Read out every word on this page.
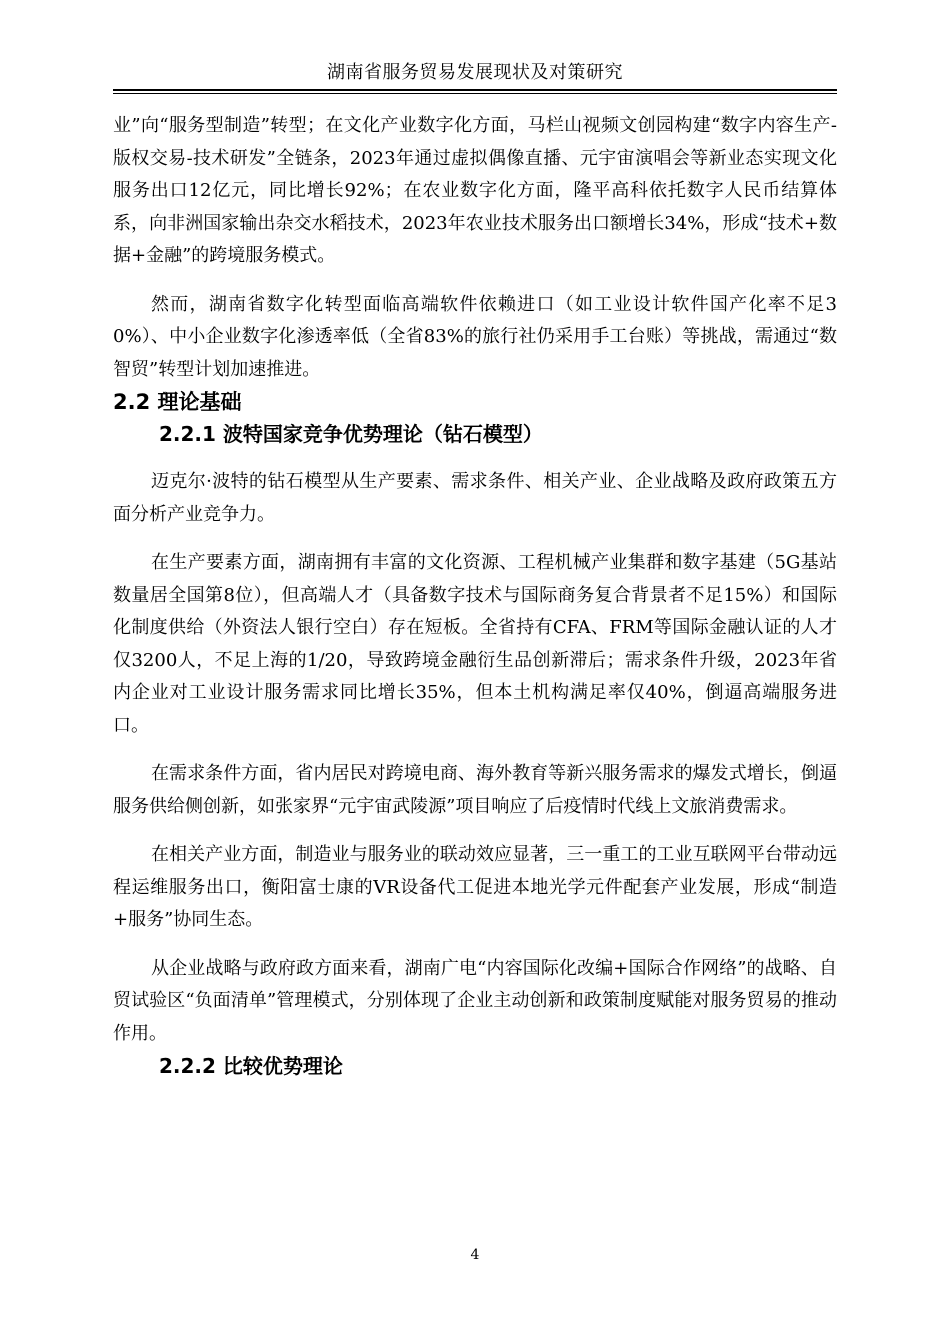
湖南省服务贸易发展现状及对策研究

业”向“服务型制造”转型；在文化产业数字化方面，马栏山视频文创园构建“数字内容生产-版权交易-技术研发”全链条，2023年通过虚拟偶像直播、元宇宙演唱会等新业态实现文化服务出口12亿元，同比增长92%；在农业数字化方面，隆平高科依托数字人民币结算体系，向非洲国家输出杂交水稻技术，2023年农业技术服务出口额增长34%，形成“技术+数据+金融”的跨境服务模式。

然而，湖南省数字化转型面临高端软件依赖进口（如工业设计软件国产化率不足30%）、中小企业数字化渗透率低（全省83%的旅行社仍采用手工台账）等挑战，需通过“数智贸”转型计划加速推进。

2.2 理论基础
2.2.1 波特国家竞争优势理论（钻石模型）

迈克尔·波特的钻石模型从生产要素、需求条件、相关产业、企业战略及政府政策五方面分析产业竞争力。

在生产要素方面，湖南拥有丰富的文化资源、工程机械产业集群和数字基建（5G基站数量居全国第8位），但高端人才（具备数字技术与国际商务复合背景者不足15%）和国际化制度供给（外资法人银行空白）存在短板。全省持有CFA、FRM等国际金融认证的人才仅3200人，不足上海的1/20，导致跨境金融衍生品创新滞后；需求条件升级，2023年省内企业对工业设计服务需求同比增长35%，但本土机构满足率仅40%，倒逼高端服务进口。

在需求条件方面，省内居民对跨境电商、海外教育等新兴服务需求的爆发式增长，倒逼服务供给侧创新，如张家界“元宇宙武陵源”项目响应了后疫情时代线上文旅消费需求。

在相关产业方面，制造业与服务业的联动效应显著，三一重工的工业互联网平台带动远程运维服务出口，衡阳富士康的VR设备代工促进本地光学元件配套产业发展，形成“制造+服务”协同生态。

从企业战略与政府政方面来看，湖南广电“内容国际化改编+国际合作网络”的战略、自贸试验区“负面清单”管理模式，分别体现了企业主动创新和政策制度赋能对服务贸易的推动作用。

2.2.2 比较优势理论
4
